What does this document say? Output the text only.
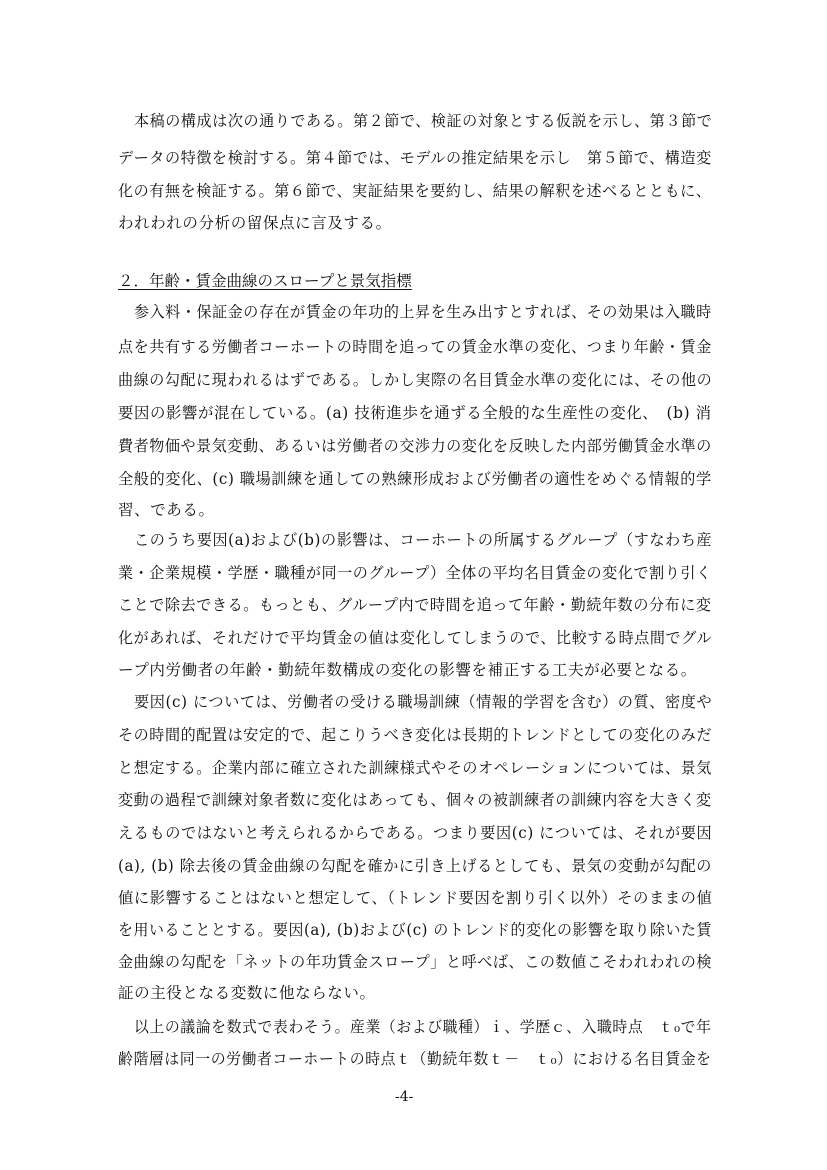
本稿の構成は次の通りである。第２節で、検証の対象とする仮説を示し、第３節で
データの特徴を検討する。第４節では、モデルの推定結果を示し　第５節で、構造変
化の有無を検証する。第６節で、実証結果を要約し、結果の解釈を述べるとともに、
われわれの分析の留保点に言及する。
２．年齢・賃金曲線のスロープと景気指標
参入料・保証金の存在が賃金の年功的上昇を生み出すとすれば、その効果は入職時
点を共有する労働者コーホートの時間を追っての賃金水準の変化、つまり年齢・賃金
曲線の勾配に現われるはずである。しかし実際の名目賃金水準の変化には、その他の
要因の影響が混在している。(a) 技術進歩を通ずる全般的な生産性の変化、　(b) 消
費者物価や景気変動、あるいは労働者の交渉力の変化を反映した内部労働賃金水準の
全般的変化、(c) 職場訓練を通しての熟練形成および労働者の適性をめぐる情報的学
習、である。
このうち要因(a)および(b)の影響は、コーホートの所属するグループ（すなわち産
業・企業規模・学歴・職種が同一のグループ）全体の平均名目賃金の変化で割り引く
ことで除去できる。もっとも、グループ内で時間を追って年齢・勤続年数の分布に変
化があれば、それだけで平均賃金の値は変化してしまうので、比較する時点間でグル
ープ内労働者の年齢・勤続年数構成の変化の影響を補正する工夫が必要となる。
要因(c) については、労働者の受ける職場訓練（情報的学習を含む）の質、密度や
その時間的配置は安定的で、起こりうべき変化は長期的トレンドとしての変化のみだ
と想定する。企業内部に確立された訓練様式やそのオペレーションについては、景気
変動の過程で訓練対象者数に変化はあっても、個々の被訓練者の訓練内容を大きく変
えるものではないと考えられるからである。つまり要因(c) については、それが要因
(a), (b) 除去後の賃金曲線の勾配を確かに引き上げるとしても、景気の変動が勾配の
値に影響することはないと想定して、（トレンド要因を割り引く以外）そのままの値
を用いることとする。要因(a), (b)および(c) のトレンド的変化の影響を取り除いた賃
金曲線の勾配を「ネットの年功賃金スロープ」と呼べば、この数値こそわれわれの検
証の主役となる変数に他ならない。
以上の議論を数式で表わそう。産業（および職種）ｉ、学歴ｃ、入職時点　ｔ₀で年
齢階層は同一の労働者コーホートの時点ｔ（勤続年数ｔ－　ｔ₀）における名目賃金を
-4-
